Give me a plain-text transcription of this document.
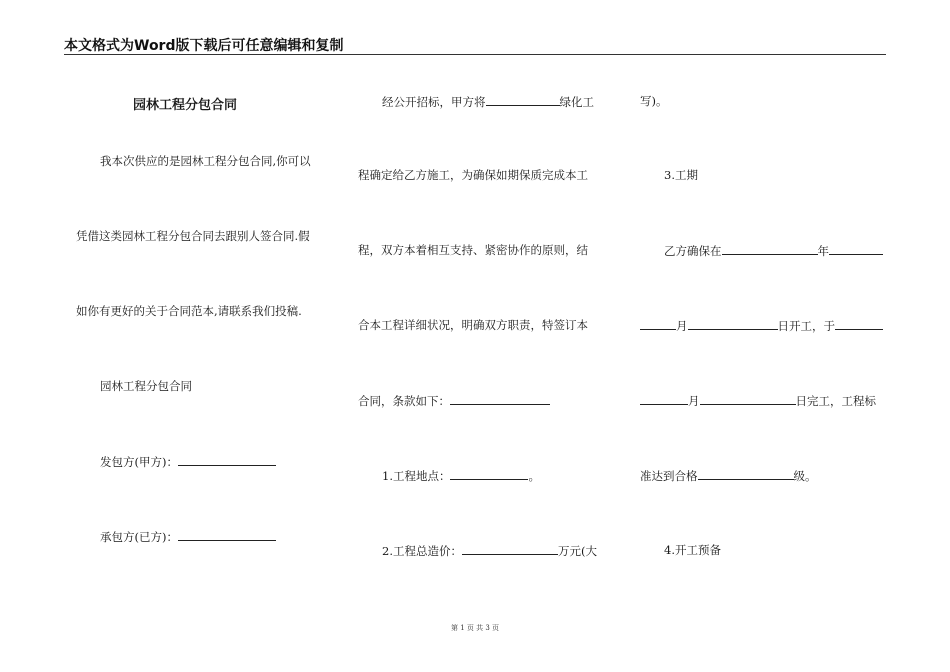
本文格式为Word版下载后可任意编辑和复制
园林工程分包合同
我本次供应的是园林工程分包合同,你可以
凭借这类园林工程分包合同去跟别人签合同.假
如你有更好的关于合同范本,请联系我们投稿.
园林工程分包合同
发包方(甲方)：
承包方(已方)：
经公开招标，甲方将	绿化工
程确定给乙方施工，为确保如期保质完成本工
程，双方本着相互支持、紧密协作的原则，结
合本工程详细状况，明确双方职责，特签订本
合同，条款如下：
1.工程地点：	。
2.工程总造价：	万元(大
写)。
3.工期
乙方确保在	年
月	日开工，于
月	日完工，工程标
准达到合格	级。
4.开工预备
第 1 页 共 3 页
